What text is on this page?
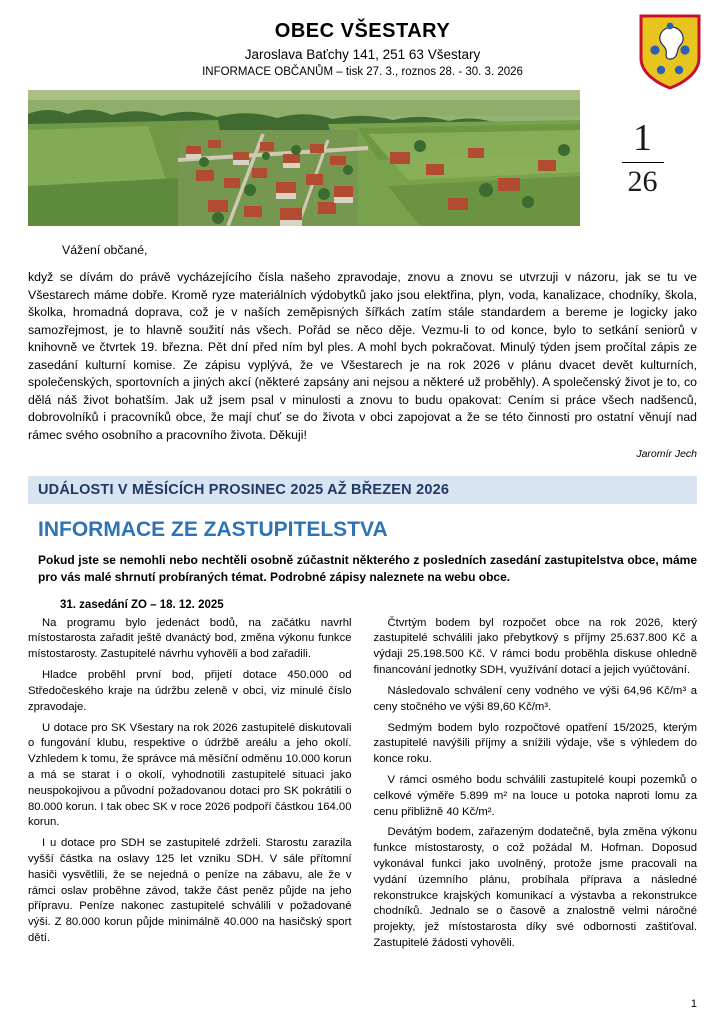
OBEC VŠESTARY
Jaroslava Baťchy 141, 251 63 Všestary
INFORMACE OBČANŮM – tisk 27. 3., roznos 28. - 30. 3. 2026
$\frac{1}{26}$
Vážení občané,

když se dívám do právě vycházejícího čísla našeho zpravodaje, znovu a znovu se utvrzuji v názoru, jak se tu ve Všestarech máme dobře. Kromě ryze materiálních výdobytků jako jsou elektřina, plyn, voda, kanalizace, chodníky, škola, školka, hromadná doprava, což je v naších zeměpisných šířkách zatím stále standardem a bereme je logicky jako samozřejmost, je to hlavně soužití nás všech. Pořád se něco děje. Vezmu-li to od konce, bylo to setkání seniorů v knihovně ve čtvrtek 19. března. Pět dní před ním byl ples. A mohl bych pokračovat. Minulý týden jsem pročítal zápis ze zasedání kulturní komise. Ze zápisu vyplývá, že ve Všestarech je na rok 2026 v plánu dvacet devět kulturních, společenských, sportovních a jiných akcí (některé zapsány ani nejsou a některé už proběhly). A společenský život je to, co dělá náš život bohatším. Jak už jsem psal v minulosti a znovu to budu opakovat: Cením si práce všech nadšenců, dobrovolníků i pracovníků obce, že mají chuť se do života v obci zapojovat a že se této činnosti pro ostatní věnují nad rámec svého osobního a pracovního života. Děkuji!

Jaromír Jech
UDÁLOSTI V MĚSÍCÍCH PROSINEC 2025 AŽ BŘEZEN 2026
INFORMACE ZE ZASTUPITELSTVA
Pokud jste se nemohli nebo nechtěli osobně zúčastnit některého z posledních zasedání zastupitelstva obce, máme pro vás malé shrnutí probíraných témat. Podrobné zápisy naleznete na webu obce.
31. zasedání ZO – 18. 12. 2025

Na programu bylo jedenáct bodů, na začátku navrhl místostarosta zařadit ještě dvanáctý bod, změna výkonu funkce místostarosty. Zastupitelé návrhu vyhověli a bod zařadili.

Hladce proběhl první bod, přijetí dotace 450.000 od Středočeského kraje na údržbu zeleně v obci, viz minulé číslo zpravodaje.

U dotace pro SK Všestary na rok 2026 zastupitelé diskutovali o fungování klubu, respektive o údržbě areálu a jeho okolí. Vzhledem k tomu, že správce má měsíční odměnu 10.000 korun a má se starat i o okolí, vyhodnotili zastupitelé situaci jako neuspokojivou a původní požadovanou dotaci pro SK pokrátili o 80.000 korun. I tak obec SK v roce 2026 podpoří částkou 164.00 korun.

I u dotace pro SDH se zastupitelé zdrželi. Starostu zarazila vyšší částka na oslavy 125 let vzniku SDH. V sále přítomní hasiči vysvětlili, že se nejedná o peníze na zábavu, ale že v rámci oslav proběhne závod, takže část peněz půjde na jeho přípravu. Peníze nakonec zastupitelé schválili v požadované výši. Z 80.000 korun půjde minimálně 40.000 na hasičský sport dětí.

Čtvrtým bodem byl rozpočet obce na rok 2026, který zastupitelé schválili jako přebytkový s příjmy 25.637.800 Kč a výdaji 25.198.500 Kč. V rámci bodu proběhla diskuse ohledně financování jednotky SDH, využívání dotací a jejich vyúčtování.

Následovalo schválení ceny vodného ve výši 64,96 Kč/m³ a ceny stočného ve výši 89,60 Kč/m³.

Sedmým bodem bylo rozpočtové opatření 15/2025, kterým zastupitelé navýšili příjmy a snížili výdaje, vše s výhledem do konce roku.

V rámci osmého bodu schválili zastupitelé koupi pozemků o celkové výměře 5.899 m² na louce u potoka naproti lomu za cenu přibližně 40 Kč/m².

Devátým bodem, zařazeným dodatečně, byla změna výkonu funkce místostarosty, o což požádal M. Hofman. Doposud vykonával funkci jako uvolněný, protože jsme pracovali na vydání územního plánu, probíhala příprava a následné rekonstrukce krajských komunikací a výstavba a rekonstrukce chodníků. Jednalo se o časově a znalostně velmi náročné projekty, jež místostarosta díky své odbornosti zaštiťoval. Zastupitelé žádosti vyhověli.

1
